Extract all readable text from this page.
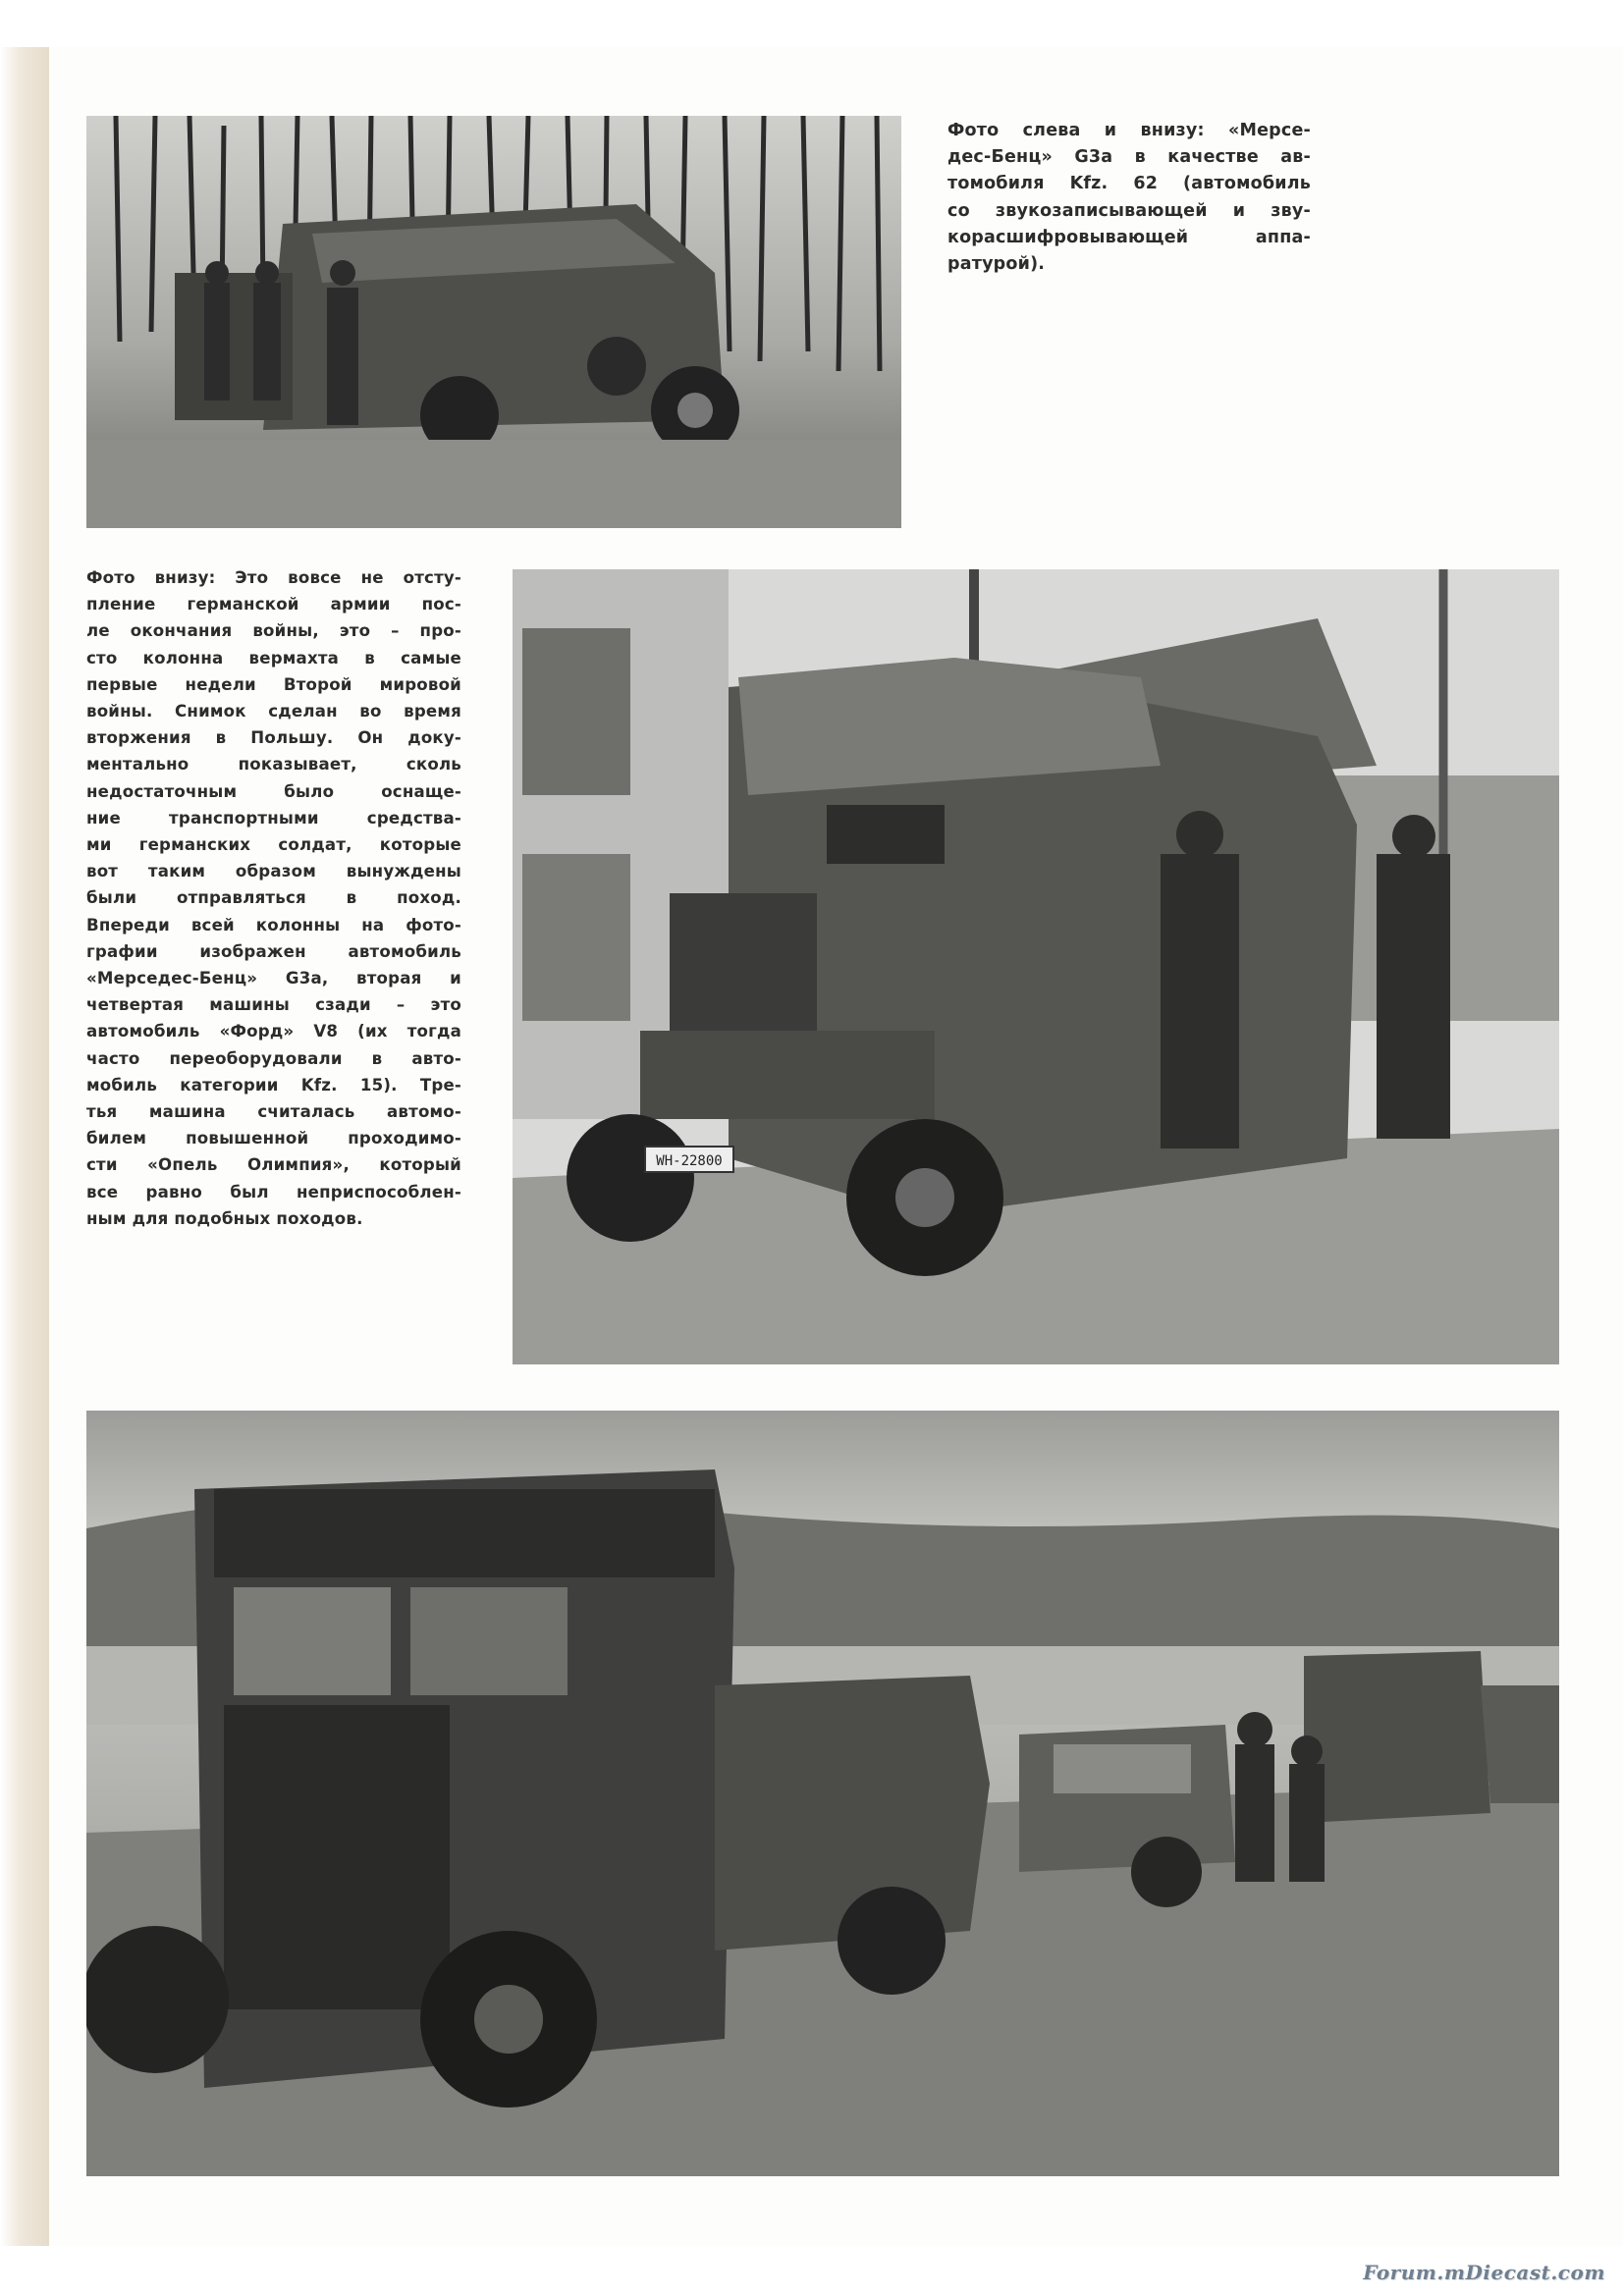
Фото слева и внизу: «Мерсе-
дес-Бенц» G3a в качестве ав-
томобиля Kfz. 62 (автомобиль
со звукозаписывающей и зву-
корасшифровывающей аппа-
ратурой).
Фото внизу: Это вовсе не отсту-
пление германской армии пос-
ле окончания войны, это – про-
сто колонна вермахта в самые
первые недели Второй мировой
войны. Снимок сделан во время
вторжения в Польшу. Он доку-
ментально показывает, сколь
недостаточным было оснаще-
ние транспортными средства-
ми германских солдат, которые
вот таким образом вынуждены
были отправляться в поход.
Впереди всей колонны на фото-
графии изображен автомобиль
«Мерседес-Бенц» G3a, вторая и
четвертая машины сзади – это
автомобиль «Форд» V8 (их тогда
часто переоборудовали в авто-
мобиль категории Kfz. 15). Тре-
тья машина считалась автомо-
билем повышенной проходимо-
сти «Опель Олимпия», который
все равно был неприспособлен-
ным для подобных походов.
WH-22800
Forum.mDiecast.com
